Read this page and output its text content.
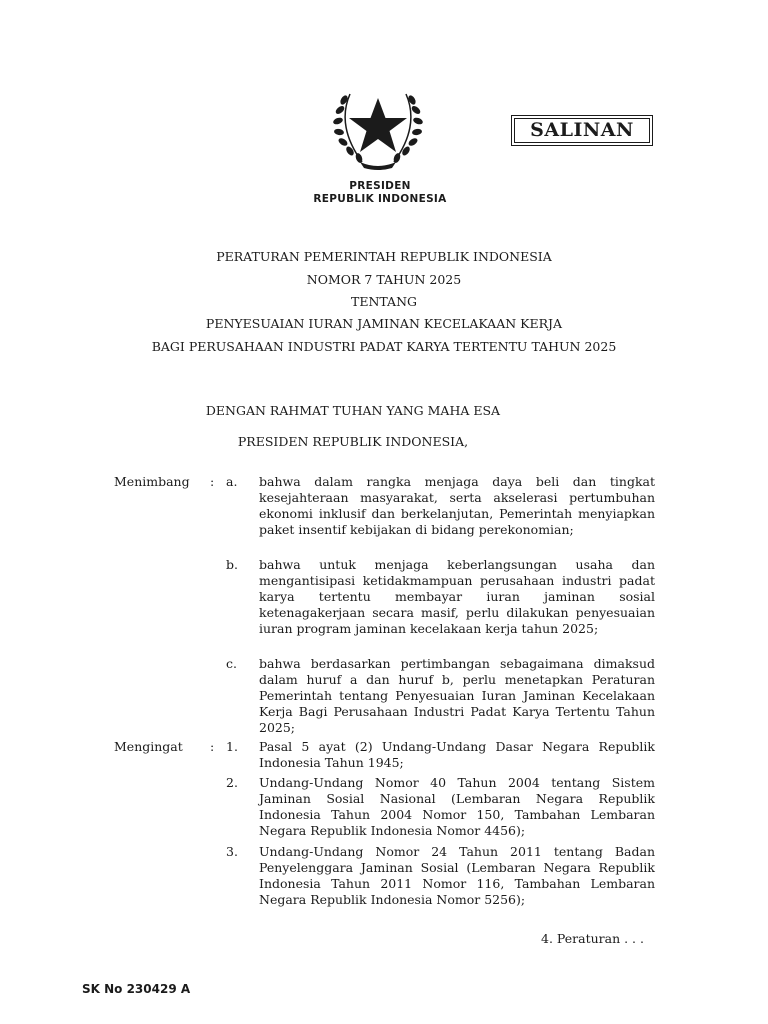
PRESIDEN
REPUBLIK INDONESIA
SALINAN
PERATURAN PEMERINTAH REPUBLIK INDONESIA
NOMOR 7 TAHUN 2025
TENTANG
PENYESUAIAN IURAN JAMINAN KECELAKAAN KERJA
BAGI PERUSAHAAN INDUSTRI PADAT KARYA TERTENTU TAHUN 2025
DENGAN RAHMAT TUHAN YANG MAHA ESA
PRESIDEN REPUBLIK INDONESIA,
Menimbang : a. bahwa dalam rangka menjaga daya beli dan tingkat kesejahteraan masyarakat, serta akselerasi pertumbuhan ekonomi inklusif dan berkelanjutan, Pemerintah menyiapkan paket insentif kebijakan di bidang perekonomian;

b. bahwa untuk menjaga keberlangsungan usaha dan mengantisipasi ketidakmampuan perusahaan industri padat karya tertentu membayar iuran jaminan sosial ketenagakerjaan secara masif, perlu dilakukan penyesuaian iuran program jaminan kecelakaan kerja tahun 2025;

c. bahwa berdasarkan pertimbangan sebagaimana dimaksud dalam huruf a dan huruf b, perlu menetapkan Peraturan Pemerintah tentang Penyesuaian Iuran Jaminan Kecelakaan Kerja Bagi Perusahaan Industri Padat Karya Tertentu Tahun 2025;

Mengingat : 1. Pasal 5 ayat (2) Undang-Undang Dasar Negara Republik Indonesia Tahun 1945;

2. Undang-Undang Nomor 40 Tahun 2004 tentang Sistem Jaminan Sosial Nasional (Lembaran Negara Republik Indonesia Tahun 2004 Nomor 150, Tambahan Lembaran Negara Republik Indonesia Nomor 4456);

3. Undang-Undang Nomor 24 Tahun 2011 tentang Badan Penyelenggara Jaminan Sosial (Lembaran Negara Republik Indonesia Tahun 2011 Nomor 116, Tambahan Lembaran Negara Republik Indonesia Nomor 5256);

4. Peraturan . . .
SK No 230429 A
